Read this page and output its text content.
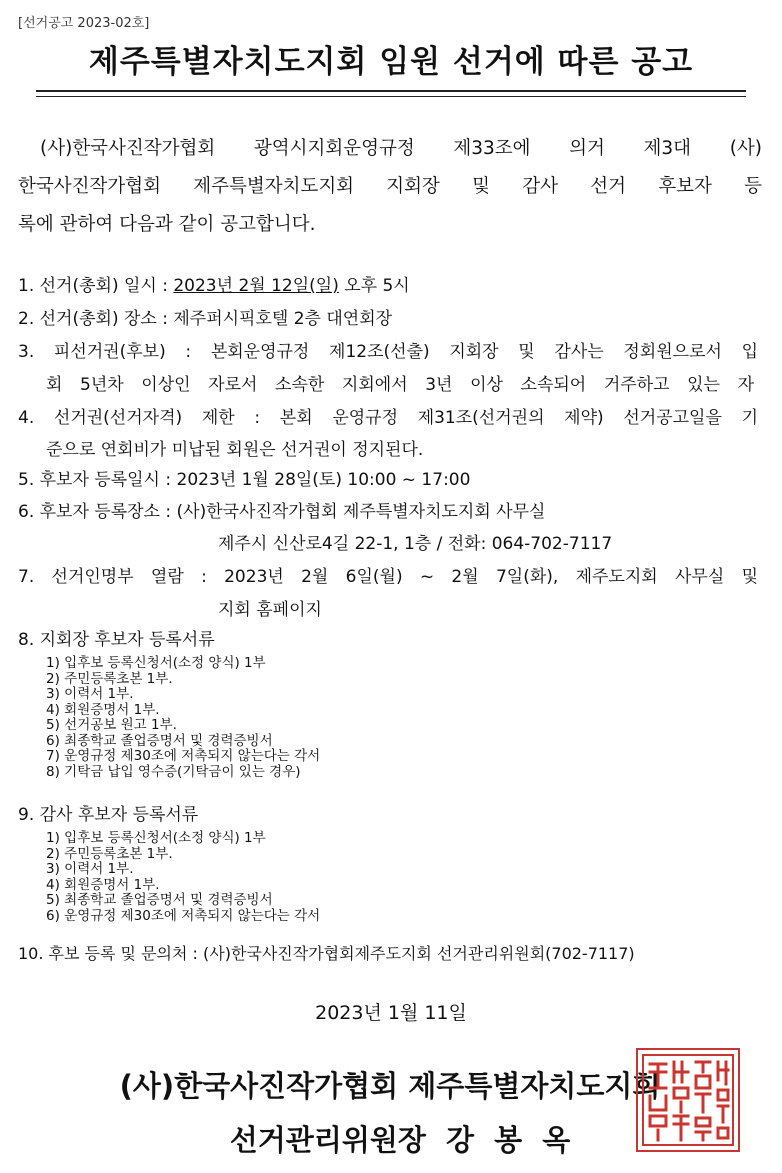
[선거공고 2023-02호]
제주특별자치도지회 임원 선거에 따른 공고
(사)한국사진작가협회 광역시지회운영규정 제33조에 의거 제3대 (사)
한국사진작가협회 제주특별자치도지회 지회장 및 감사 선거 후보자 등
록에 관하여 다음과 같이 공고합니다.
1. 선거(총회) 일시 : 2023년 2월 12일(일) 오후 5시
2. 선거(총회) 장소 : 제주퍼시픽호텔 2층 대연회장
3. 피선거권(후보) : 본회운영규정 제12조(선출) 지회장 및 감사는 정회원으로서 입
회 5년차 이상인 자로서 소속한 지회에서 3년 이상 소속되어 거주하고 있는 자
4. 선거권(선거자격) 제한 : 본회 운영규정 제31조(선거권의 제약) 선거공고일을 기
준으로 연회비가 미납된 회원은 선거권이 정지된다.
5. 후보자 등록일시 : 2023년 1월 28일(토) 10:00 ~ 17:00
6. 후보자 등록장소 : (사)한국사진작가협회 제주특별자치도지회 사무실
제주시 신산로4길 22-1, 1층 / 전화: 064-702-7117
7. 선거인명부 열람 : 2023년 2월 6일(월) ~ 2월 7일(화), 제주도지회 사무실 및
지회 홈페이지
8. 지회장 후보자 등록서류
1) 입후보 등록신청서(소정 양식) 1부
2) 주민등록초본 1부.
3) 이력서 1부.
4) 회원증명서 1부.
5) 선거공보 원고 1부.
6) 최종학교 졸업증명서 및 경력증빙서
7) 운영규정 제30조에 저촉되지 않는다는 각서
8) 기탁금 납입 영수증(기탁금이 있는 경우)
9. 감사 후보자 등록서류
1) 입후보 등록신청서(소정 양식) 1부
2) 주민등록초본 1부.
3) 이력서 1부.
4) 회원증명서 1부.
5) 최종학교 졸업증명서 및 경력증빙서
6) 운영규정 제30조에 저촉되지 않는다는 각서
10. 후보 등록 및 문의처 : (사)한국사진작가협회제주도지회 선거관리위원회(702-7117)
2023년 1월 11일
(사)한국사진작가협회 제주특별자치도지회
선거관리위원장 강 봉 옥
